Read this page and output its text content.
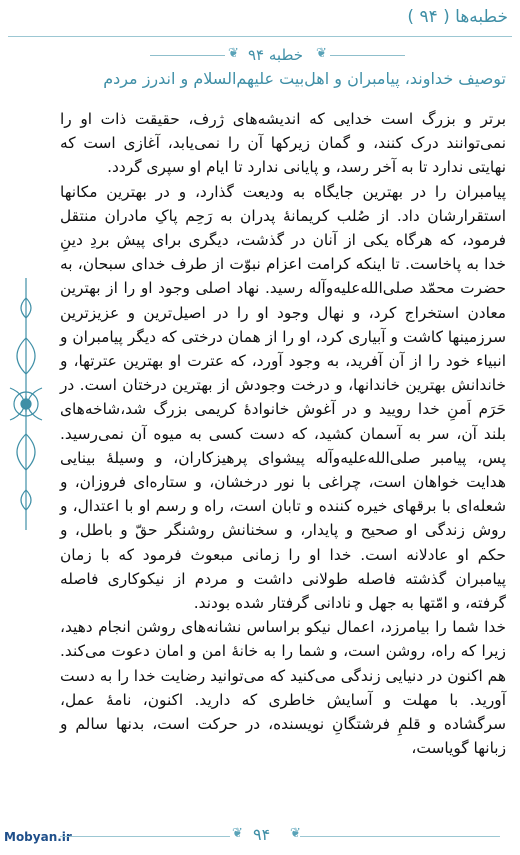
خطبه‌ها ( ۹۴ )
❦ خطبه ۹۴ ❦
توصیف خداوند، پیامبران و اهل‌بیت علیهم‌السلام و اندرز مردم

برتر و بزرگ است خدایی که اندیشه‌های ژرف، حقیقت ذات او را نمی‌توانند درک کنند، و گمان زیرکها آن را نمی‌یابد، آغازی است که نهایتی ندارد تا به آخر رسد، و پایانی ندارد تا ایام او سپری گردد.

پیامبران را در بهترین جایگاه به ودیعت گذارد، و در بهترین مکانها استقرارشان داد. از صُلب کریمانهٔ پدران به رَحِم پاکِ مادران منتقل فرمود، که هرگاه یکی از آنان در گذشت، دیگری برای پیش بردِ دینِ خدا به پاخاست. تا اینکه کرامت اعزام نبوّت از طرف خدای سبحان، به حضرت محمّد صلی‌الله‌علیه‌وآله رسید. نهاد اصلی وجود او را از بهترین معادن استخراج کرد، و نهال وجود او را در اصیل‌ترین و عزیزترین سرزمینها کاشت و آبیاری کرد، او را از همان درختی که دیگر پیامبران و انبیاء خود را از آن آفرید، به وجود آورد، که عترت او بهترین عترتها، و خاندانش بهترین خاندانها، و درخت وجودش از بهترین درختان است. در حَرَم اَمنِ خدا رویید و در آغوش خانوادهٔ کریمی بزرگ شد،شاخه‌های بلند آن، سر به آسمان کشید، که دست کسی به میوه آن نمی‌رسید. پس، پیامبر صلی‌الله‌علیه‌وآله پیشوای پرهیزکاران، و وسیلهٔ بینایی هدایت خواهان است، چراغی با نور درخشان، و ستاره‌ای فروزان، و شعله‌ای با برقهای خیره کننده و تابان است، راه و رسم او با اعتدال، و روش زندگی او صحیح و پایدار، و سخنانش روشنگر حقّ و باطل، و حکم او عادلانه است. خدا او را زمانی مبعوث فرمود که با زمان پیامبران گذشته فاصله طولانی داشت و مردم از نیکوکاری فاصله گرفته، و امّتها به جهل و نادانی گرفتار شده بودند.

خدا شما را بیامرزد، اعمال نیکو براساس نشانه‌های روشن انجام دهید، زیرا که راه، روشن است، و شما را به خانهٔ امن و امان دعوت می‌کند. هم اکنون در دنیایی زندگی می‌کنید که می‌توانید رضایت خدا را به دست آورید. با مهلت و آسایش خاطری که دارید. اکنون، نامهٔ عمل، سرگشاده و قلمِ فرشتگانِ نویسنده، در حرکت است، بدنها سالم و زبانها گویاست،

Mobyan.ir	❦ ۹۴ ❦
